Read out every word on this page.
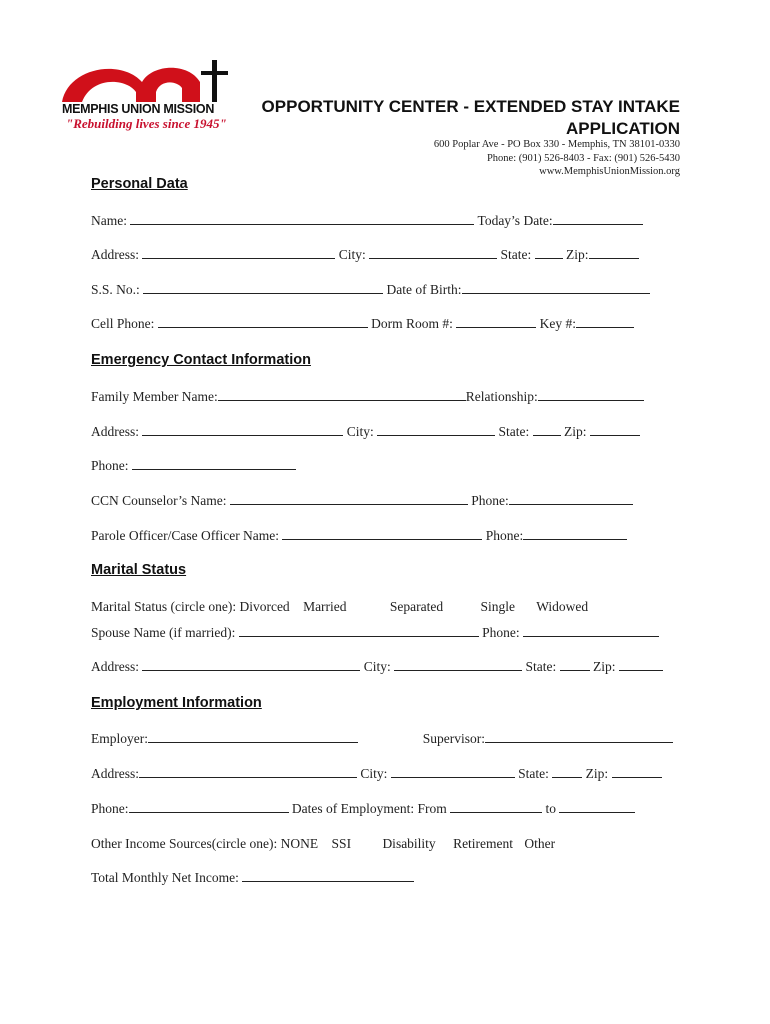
MEMPHIS UNION MISSION
"Rebuilding lives since 1945"
OPPORTUNITY CENTER - EXTENDED STAY INTAKE
APPLICATION
600 Poplar Ave - PO Box 330 - Memphis, TN 38101-0330
Phone: (901) 526-8403 - Fax: (901) 526-5430
www.MemphisUnionMission.org
Personal Data
Name:	Today’s Date:
Address:	City:	State:	Zip:
S.S. No.:	Date of Birth:
Cell Phone:	Dorm Room #:	Key #:
Emergency Contact Information
Family Member Name:	Relationship:
Address:	City:	State:	Zip:
Phone:
CCN Counselor’s Name:	Phone:
Parole Officer/Case Officer Name:	Phone:
Marital Status
Marital Status (circle one): Divorced Married	Separated	Single Widowed
Spouse Name (if married):	Phone:
Address:	City:	State:	Zip:
Employment Information
Employer:	Supervisor:
Address:	City:	State:	Zip:
Phone:	Dates of Employment: From	to
Other Income Sources(circle one): NONE SSI Disability Retirement Other
Total Monthly Net Income:
